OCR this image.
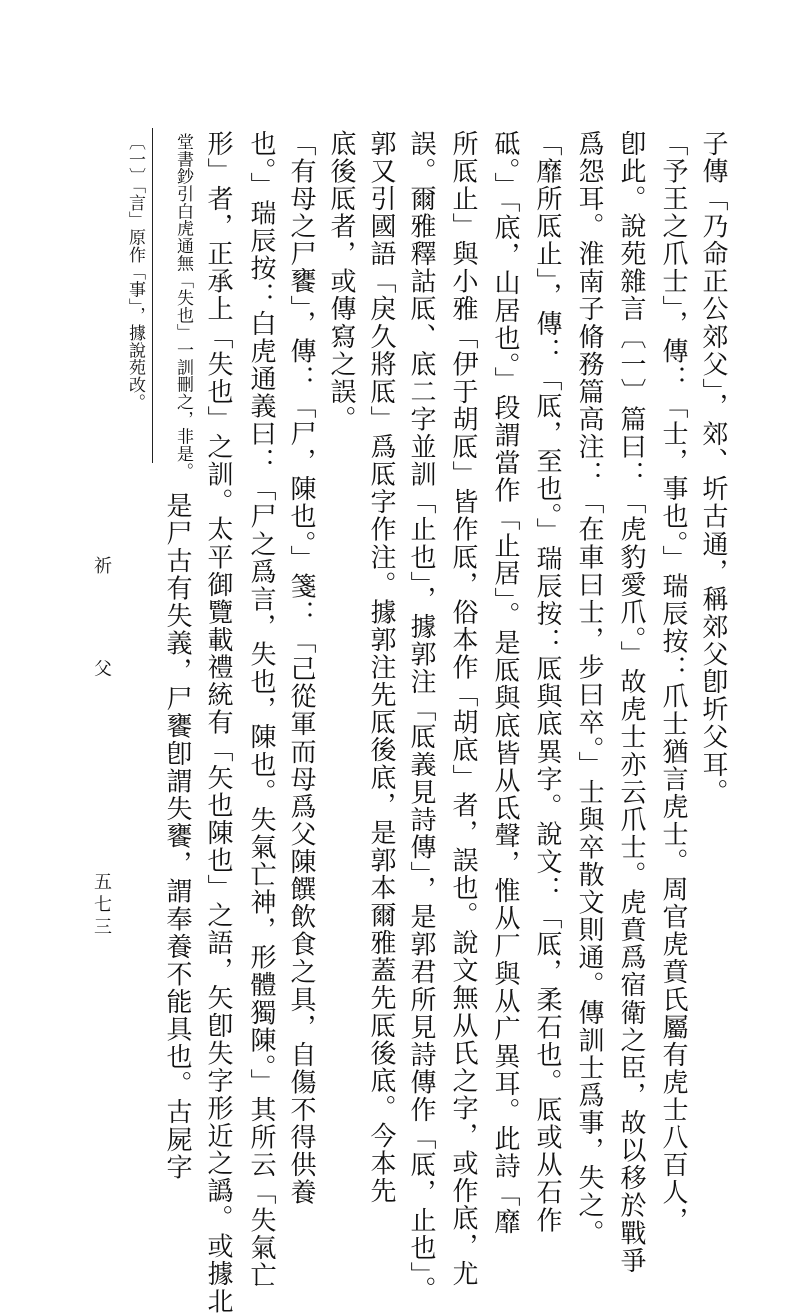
子傳「乃命正公郊父」，郊、圻古通，稱郊父卽圻父耳。
「予王之爪士」，傳：「士，事也。」瑞辰按：爪士猶言虎士。周官虎賁氏屬有虎士八百人，
卽此。說苑雜言〔一〕篇曰：「虎豹愛爪。」故虎士亦云爪士。虎賁爲宿衛之臣，故以移於戰爭
爲怨耳。淮南子脩務篇高注：「在車曰士，步曰卒。」士與卒散文則通。傳訓士爲事，失之。
「靡所厎止」，傳：「厎，至也。」瑞辰按：厎與底異字。說文：「厎，柔石也。厎或从石作
砥。」「底，山居也。」段謂當作「止居」。是厎與底皆从氐聲，惟从厂與从广異耳。此詩「靡
所厎止」與小雅「伊于胡厎」皆作厎，俗本作「胡底」者，誤也。說文無从氏之字，或作底，尤
誤。爾雅釋詁厎、底二字並訓「止也」，據郭注「厎義見詩傳」，是郭君所見詩傳作「厎，止也」。
郭又引國語「戾久將厎」爲厎字作注。據郭注先厎後底，是郭本爾雅蓋先厎後底。今本先
底後厎者，或傳寫之誤。
「有母之尸饔」，傳：「尸，陳也。」箋：「己從軍而母爲父陳饌飲食之具，自傷不得供養
也。」瑞辰按：白虎通義曰：「尸之爲言，失也，陳也。失氣亡神，形體獨陳。」其所云「失氣亡
形」者，正承上「失也」之訓。太平御覽載禮統有「矢也陳也」之語，矢卽失字形近之譌。或據北
堂書鈔引白虎通無「失也」一訓刪之，非是。
是尸古有失義，尸饔卽謂失饔，謂奉養不能具也。古屍字
〔一〕「言」原作「事」，據說苑改。
祈 父
五七三
